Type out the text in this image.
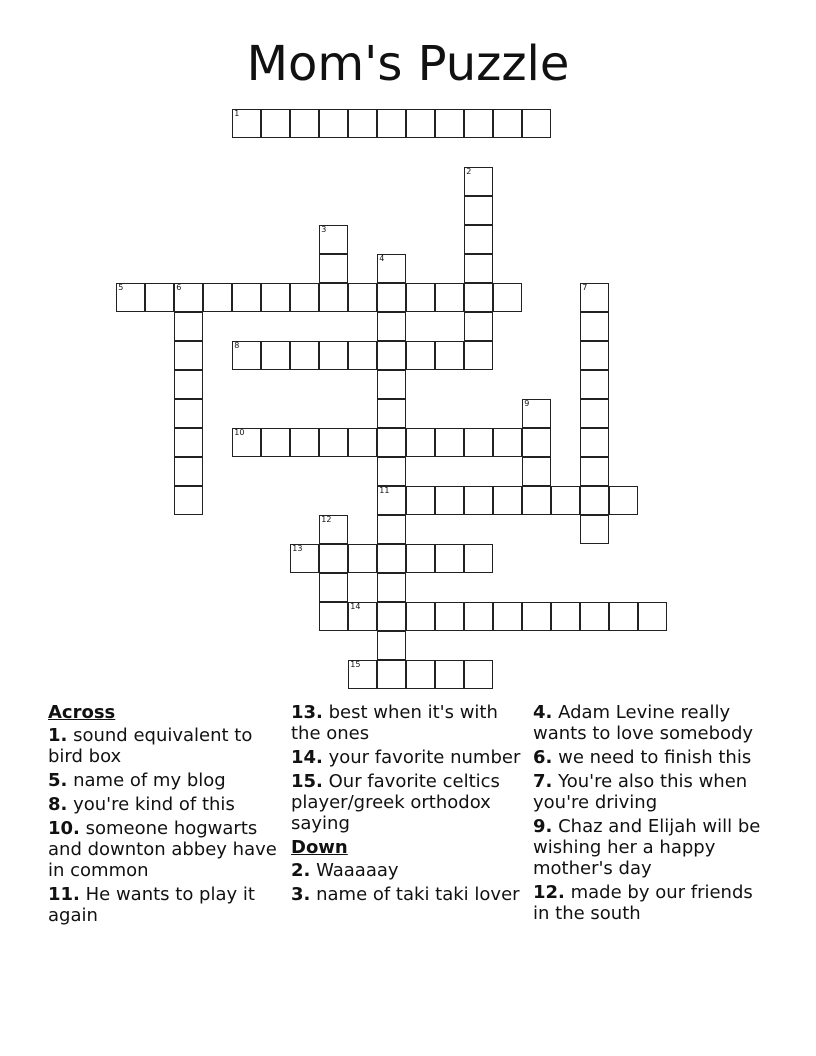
Mom's Puzzle
1
2
3
4
11
5	6	7
8
9
10
12
13
14
15
Across
1. sound equivalent to bird box
5. name of my blog
8. you're kind of this
10. someone hogwarts and downton abbey have in common
11. He wants to play it again
13. best when it's with the ones
14. your favorite number
15. Our favorite celtics player/greek orthodox saying
Down
2. Waaaaay
3. name of taki taki lover
4. Adam Levine really wants to love somebody
6. we need to finish this
7. You're also this when you're driving
9. Chaz and Elijah will be wishing her a happy mother's day
12. made by our friends in the south
